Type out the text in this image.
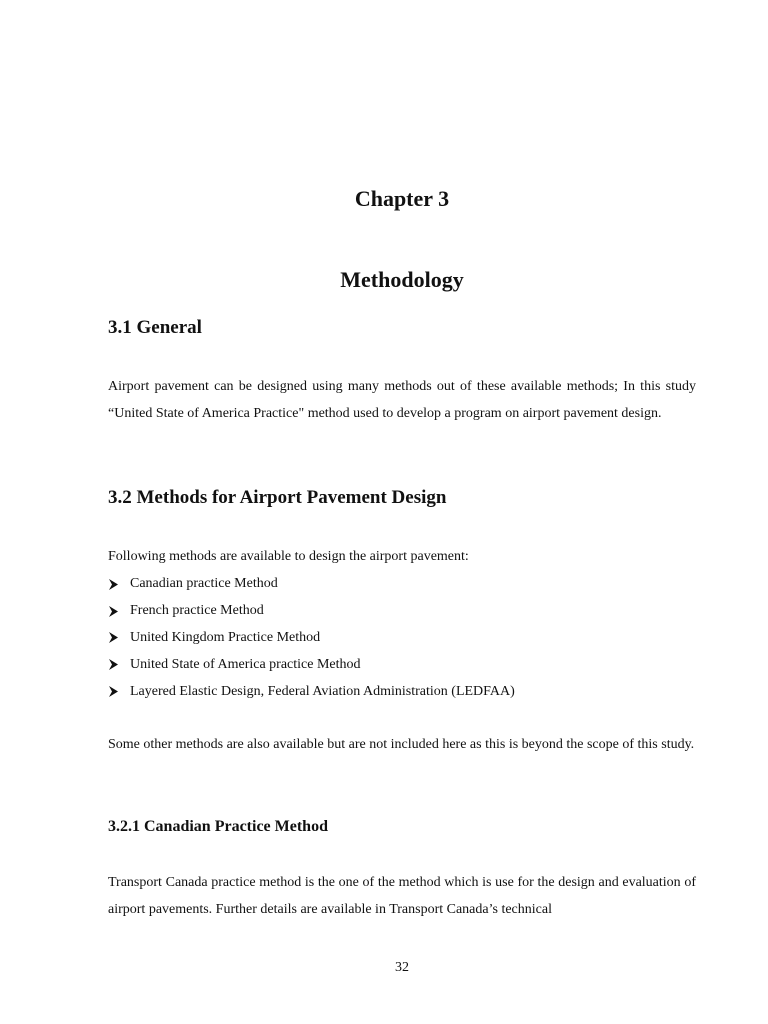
Chapter 3
Methodology
3.1 General

Airport pavement can be designed using many methods out of these available methods; In this study “United State of America Practice" method used to develop a program on airport pavement design.

3.2 Methods for Airport Pavement Design

Following methods are available to design the airport pavement:

Canadian practice Method
French practice Method
United Kingdom Practice Method
United State of America practice Method
Layered Elastic Design, Federal Aviation Administration (LEDFAA)

Some other methods are also available but are not included here as this is beyond the scope of this study.

3.2.1 Canadian Practice Method

Transport Canada practice method is the one of the method which is use for the design and evaluation of airport pavements. Further details are available in Transport Canada’s technical

32
